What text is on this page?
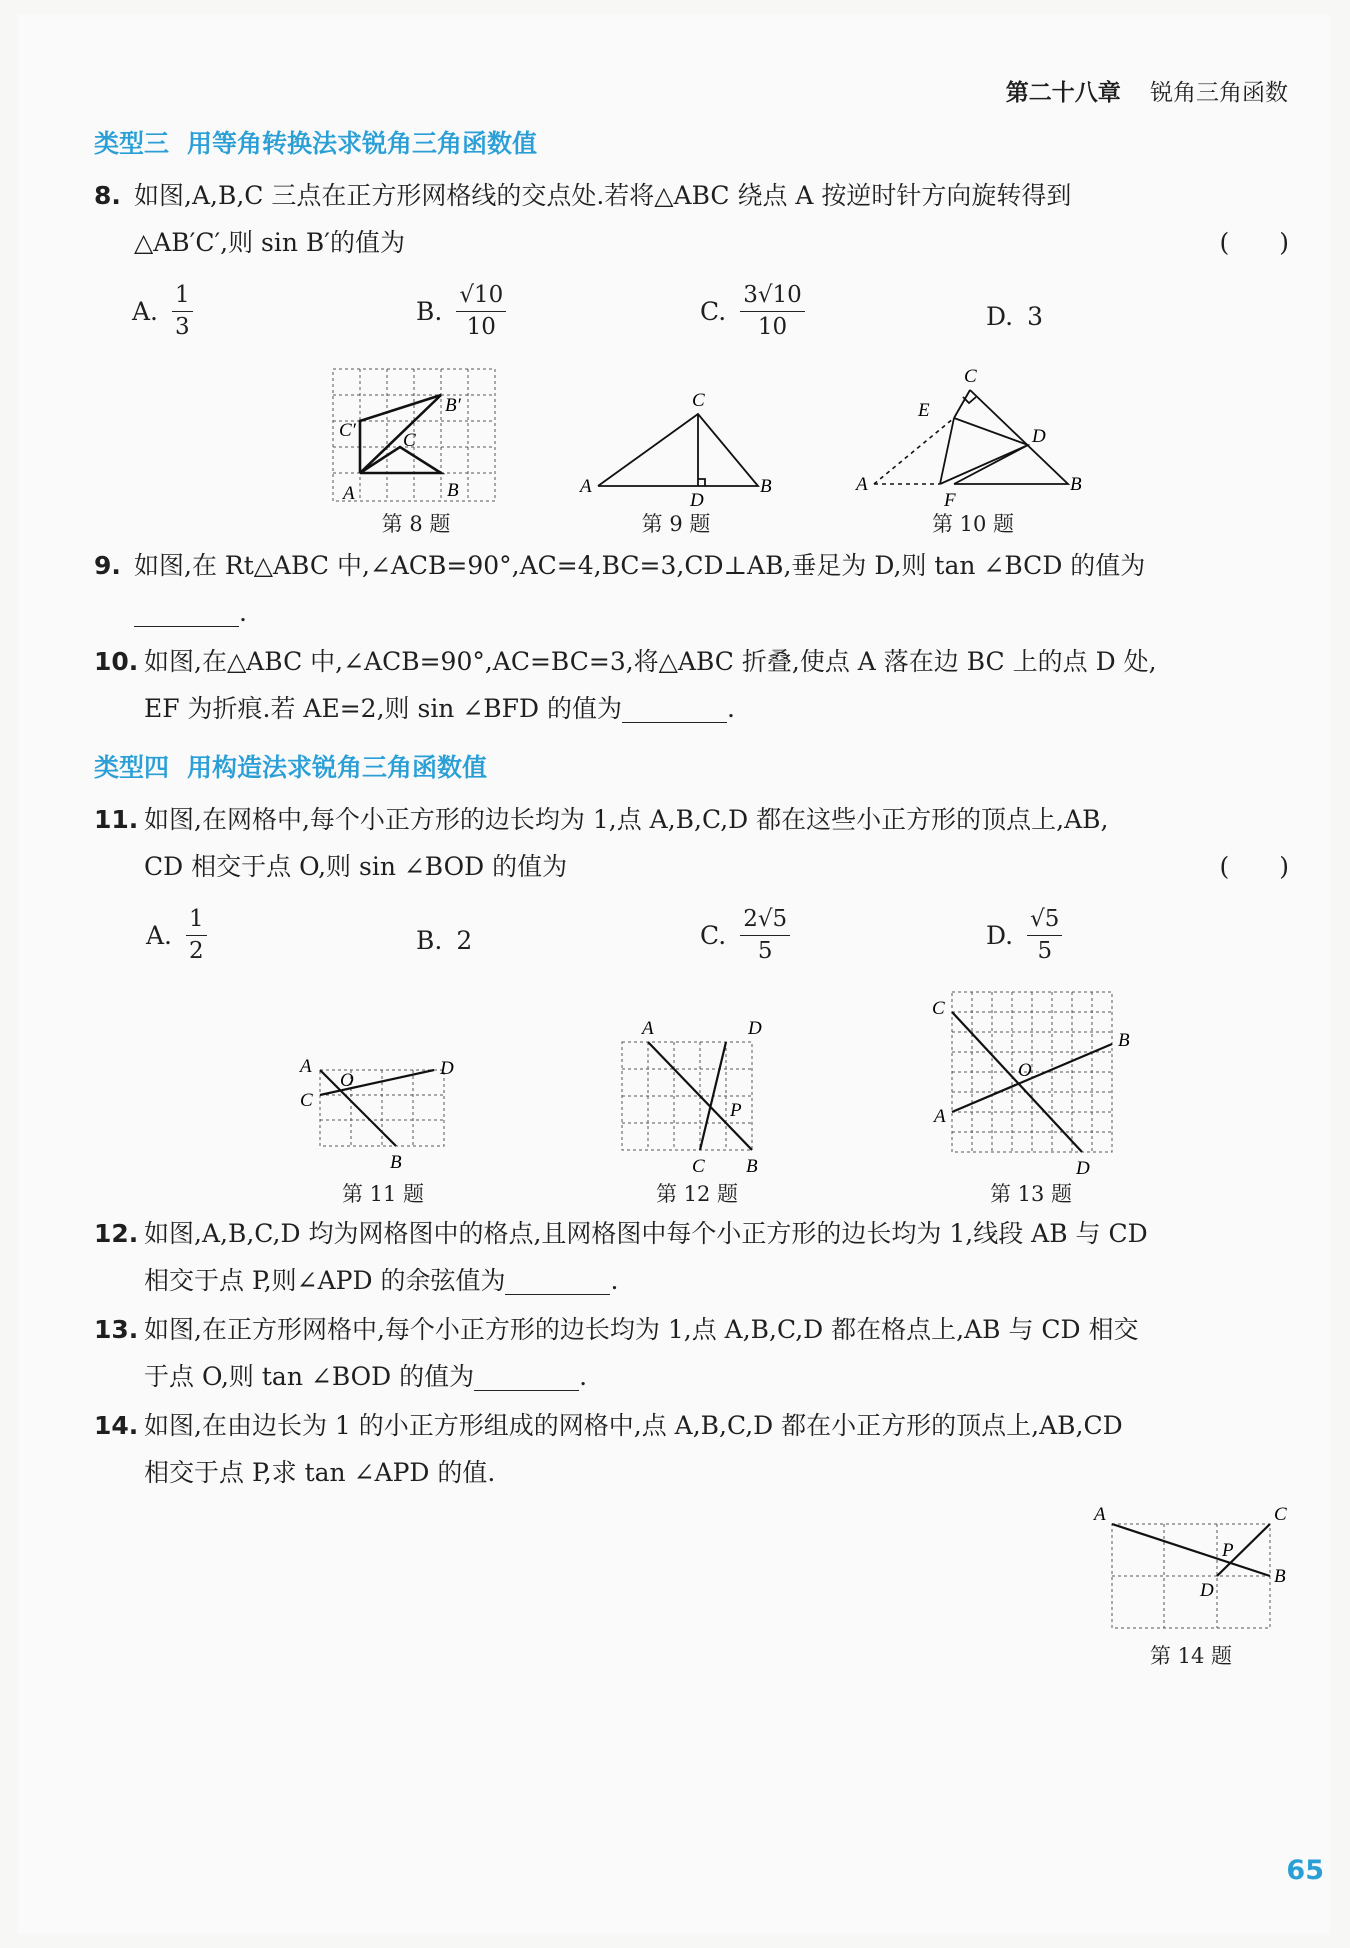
第二十八章 锐角三角函数
类型三 用等角转换法求锐角三角函数值
8. 如图,A,B,C 三点在正方形网格线的交点处.若将△ABC 绕点 A 按逆时针方向旋转得到
△AB′C′,则 sin B′的值为	(　　)
A. $\frac{1}{3}$	B. $\frac{√10}{10}$	C. $\frac{3√10}{10}$	D. 3
A	B
C
C′
B′
第 8 题
A	B
C
D
第 9 题
A	B
C
D
E
F
第 10 题
9. 如图,在 Rt△ABC 中,∠ACB=90°,AC=4,BC=3,CD⊥AB,垂足为 D,则 tan ∠BCD 的值为
.
10. 如图,在△ABC 中,∠ACB=90°,AC=BC=3,将△ABC 折叠,使点 A 落在边 BC 上的点 D 处,
EF 为折痕.若 AE=2,则 sin ∠BFD 的值为	.
类型四 用构造法求锐角三角函数值
11. 如图,在网格中,每个小正方形的边长均为 1,点 A,B,C,D 都在这些小正方形的顶点上,AB,
CD 相交于点 O,则 sin ∠BOD 的值为	(　　)
A. $\frac{1}{2}$	B. 2	C. $\frac{2√5}{5}$	D. $\frac{√5}{5}$
A
C
D
B
O
第 11 题
A	D
C B
P
第 12 题
C
B
A
D
O
第 13 题
12. 如图,A,B,C,D 均为网格图中的格点,且网格图中每个小正方形的边长均为 1,线段 AB 与 CD
相交于点 P,则∠APD 的余弦值为	.
13. 如图,在正方形网格中,每个小正方形的边长均为 1,点 A,B,C,D 都在格点上,AB 与 CD 相交
于点 O,则 tan ∠BOD 的值为	.
14. 如图,在由边长为 1 的小正方形组成的网格中,点 A,B,C,D 都在小正方形的顶点上,AB,CD
相交于点 P,求 tan ∠APD 的值.
A	C
B
D
P
第 14 题
65
